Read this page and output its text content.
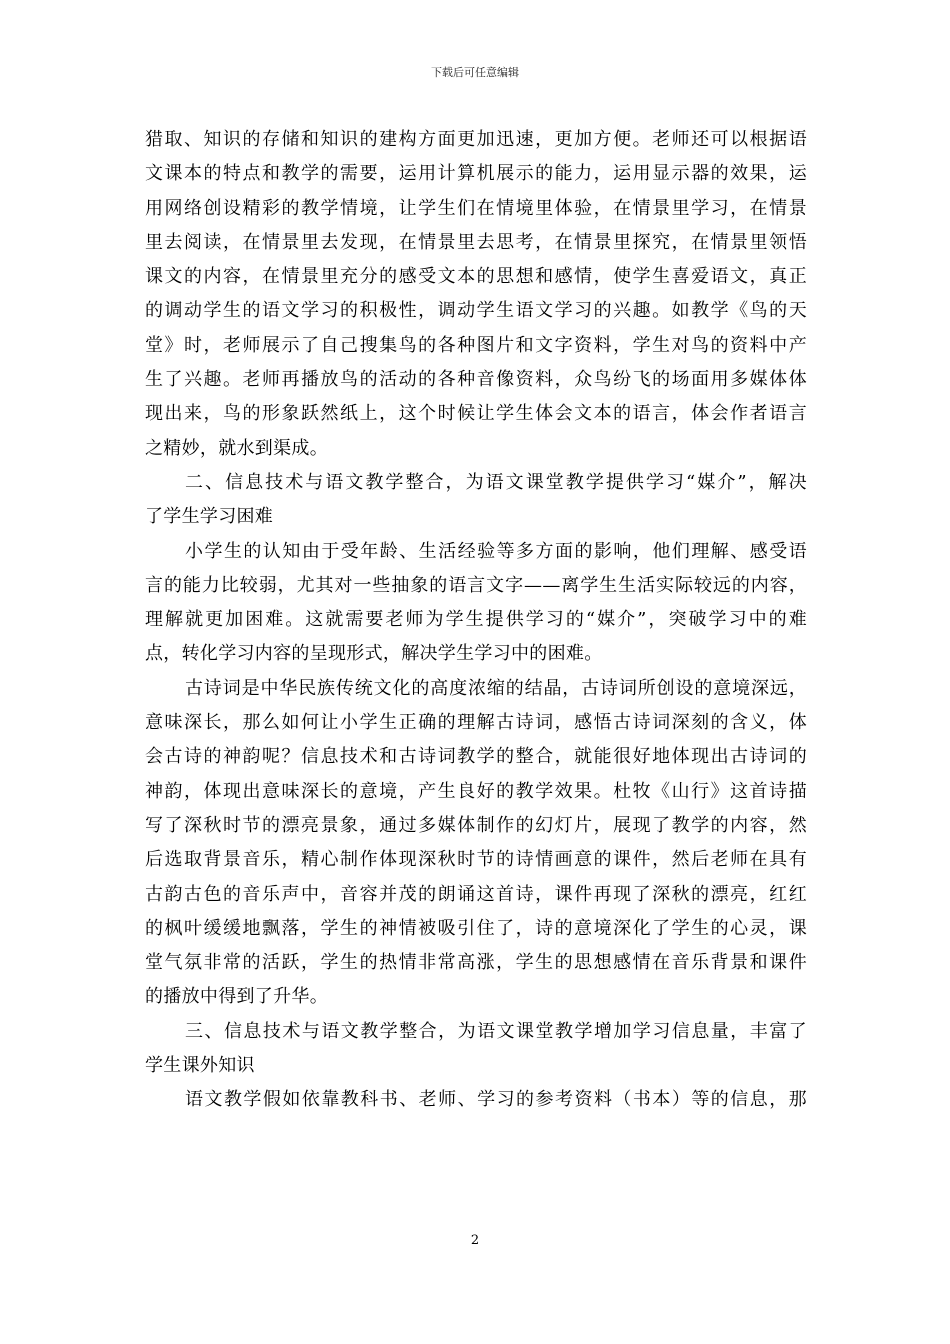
下载后可任意编辑
猎取、知识的存储和知识的建构方面更加迅速，更加方便。老师还可以根据语
文课本的特点和教学的需要，运用计算机展示的能力，运用显示器的效果，运
用网络创设精彩的教学情境，让学生们在情境里体验，在情景里学习，在情景
里去阅读，在情景里去发现，在情景里去思考，在情景里探究，在情景里领悟
课文的内容，在情景里充分的感受文本的思想和感情，使学生喜爱语文，真正
的调动学生的语文学习的积极性，调动学生语文学习的兴趣。如教学《鸟的天
堂》时，老师展示了自己搜集鸟的各种图片和文字资料，学生对鸟的资料中产
生了兴趣。老师再播放鸟的活动的各种音像资料，众鸟纷飞的场面用多媒体体
现出来，鸟的形象跃然纸上，这个时候让学生体会文本的语言，体会作者语言
之精妙，就水到渠成。
二、信息技术与语文教学整合，为语文课堂教学提供学习“媒介”，解决
了学生学习困难
小学生的认知由于受年龄、生活经验等多方面的影响，他们理解、感受语
言的能力比较弱，尤其对一些抽象的语言文字——离学生生活实际较远的内容，
理解就更加困难。这就需要老师为学生提供学习的“媒介”，突破学习中的难
点，转化学习内容的呈现形式，解决学生学习中的困难。
古诗词是中华民族传统文化的高度浓缩的结晶，古诗词所创设的意境深远，
意味深长，那么如何让小学生正确的理解古诗词，感悟古诗词深刻的含义，体
会古诗的神韵呢？信息技术和古诗词教学的整合，就能很好地体现出古诗词的
神韵，体现出意味深长的意境，产生良好的教学效果。杜牧《山行》这首诗描
写了深秋时节的漂亮景象，通过多媒体制作的幻灯片，展现了教学的内容，然
后选取背景音乐，精心制作体现深秋时节的诗情画意的课件，然后老师在具有
古韵古色的音乐声中，音容并茂的朗诵这首诗，课件再现了深秋的漂亮，红红
的枫叶缓缓地飘落，学生的神情被吸引住了，诗的意境深化了学生的心灵，课
堂气氛非常的活跃，学生的热情非常高涨，学生的思想感情在音乐背景和课件
的播放中得到了升华。
三、信息技术与语文教学整合，为语文课堂教学增加学习信息量，丰富了
学生课外知识
语文教学假如依靠教科书、老师、学习的参考资料（书本）等的信息，那
2
